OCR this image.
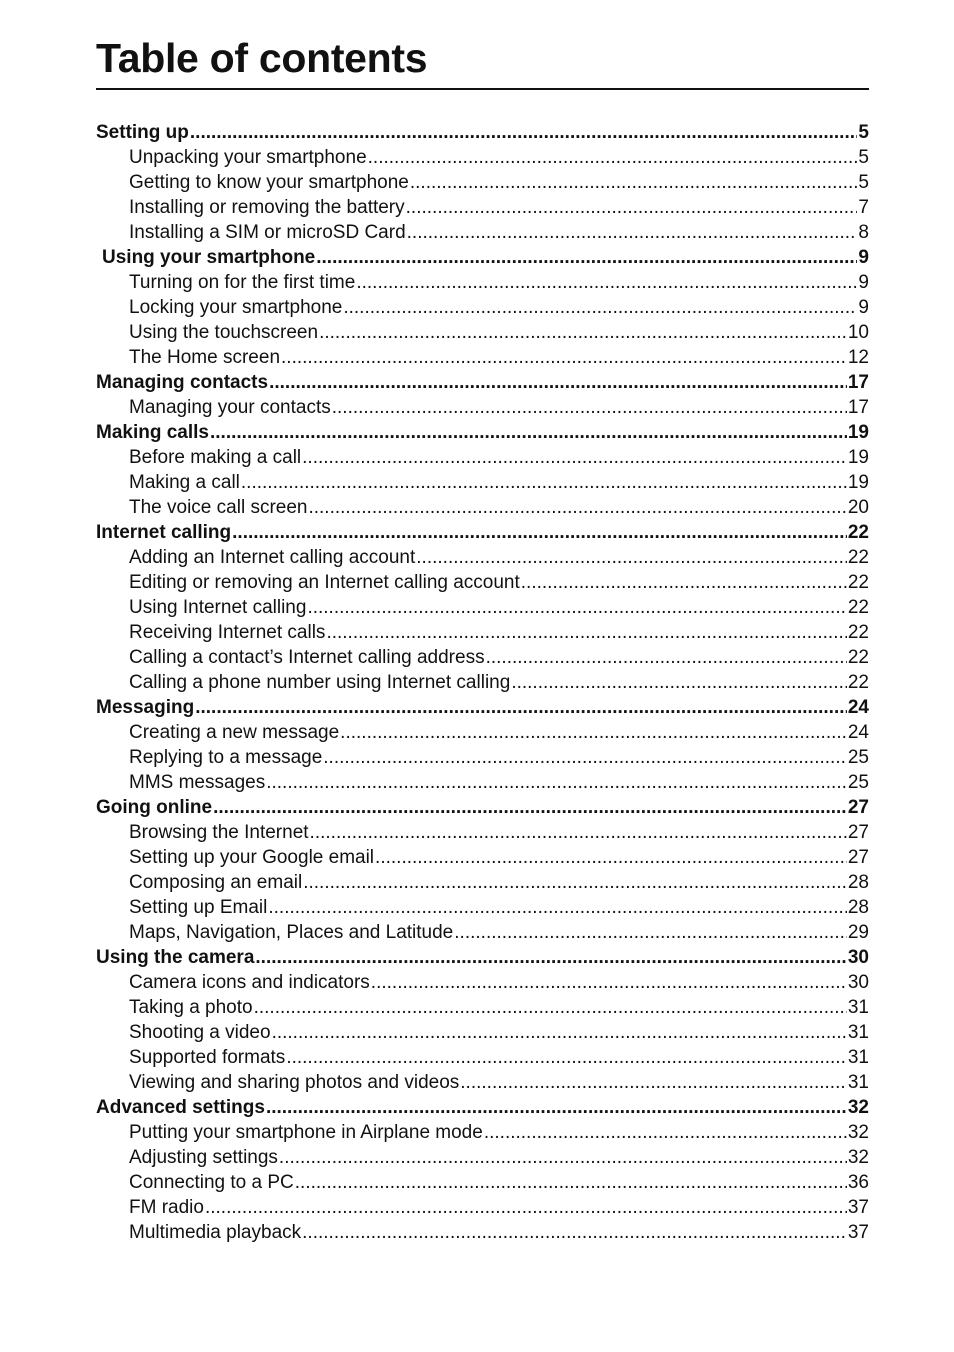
Table of contents
Setting up .....	5
Unpacking your smartphone .....	5
Getting to know your smartphone .....	5
Installing or removing the battery .....	7
Installing a SIM or microSD Card .....	8
Using your smartphone .....	9
Turning on for the first time .....	9
Locking your smartphone .....	9
Using the touchscreen .....	10
The Home screen .....	12
Managing contacts .....	17
Managing your contacts .....	17
Making calls .....	19
Before making a call .....	19
Making a call .....	19
The voice call screen .....	20
Internet calling .....	22
Adding an Internet calling account .....	22
Editing or removing an Internet calling account .....	22
Using Internet calling .....	22
Receiving Internet calls .....	22
Calling a contact’s Internet calling address .....	22
Calling a phone number using Internet calling .....	22
Messaging .....	24
Creating a new message .....	24
Replying to a message .....	25
MMS messages .....	25
Going online .....	27
Browsing the Internet .....	27
Setting up your Google email .....	27
Composing an email .....	28
Setting up Email .....	28
Maps, Navigation, Places and Latitude .....	29
Using the camera .....	30
Camera icons and indicators .....	30
Taking a photo .....	31
Shooting a video .....	31
Supported formats .....	31
Viewing and sharing photos and videos .....	31
Advanced settings .....	32
Putting your smartphone in Airplane mode .....	32
Adjusting settings .....	32
Connecting to a PC .....	36
FM radio .....	37
Multimedia playback .....	37
